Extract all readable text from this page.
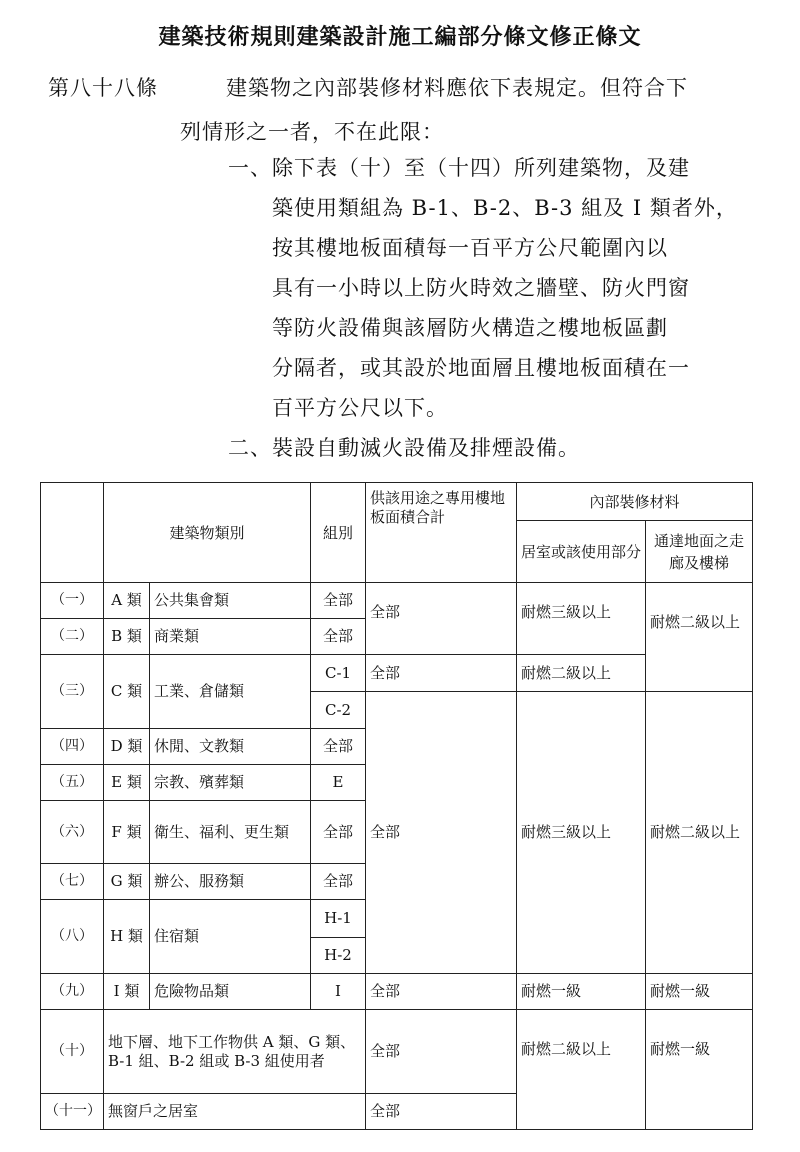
建築技術規則建築設計施工編部分條文修正條文
第八十八條	建築物之內部裝修材料應依下表規定。但符合下
列情形之一者，不在此限：
一、除下表（十）至（十四）所列建築物，及建
築使用類組為 B-1、B-2、B-3 組及 I 類者外，
按其樓地板面積每一百平方公尺範圍內以
具有一小時以上防火時效之牆壁、防火門窗
等防火設備與該層防火構造之樓地板區劃
分隔者，或其設於地面層且樓地板面積在一
百平方公尺以下。
二、裝設自動滅火設備及排煙設備。
	建築物類別		組別	供該用途之專用樓地板面積合計	內部裝修材料		
					居室或該使用部分	通達地面之走廊及樓梯	
（一）	A 類	公共集會類	全部	全部	耐燃三級以上	耐燃二級以上	
（二）	B 類	商業類	全部				
（三）	C 類	工業、倉儲類	C-1	全部	耐燃二級以上		
			C-2	全部	耐燃三級以上	耐燃二級以上	
（四）	D 類	休閒、文教類	全部				
（五）	E 類	宗教、殯葬類	E				
（六）	F 類	衛生、福利、更生類	全部				
（七）	G 類	辦公、服務類	全部				
（八）	H 類	住宿類	H-1				
			H-2			
（九）	I 類	危險物品類	I	全部	耐燃一級	耐燃一級	
（十）	地下層、地下工作物供 A 類、G 類、B-1 組、B-2 組或 B-3 組使用者			全部	耐燃二級以上	耐燃一級	
（十一）	無窗戶之居室			全部			
